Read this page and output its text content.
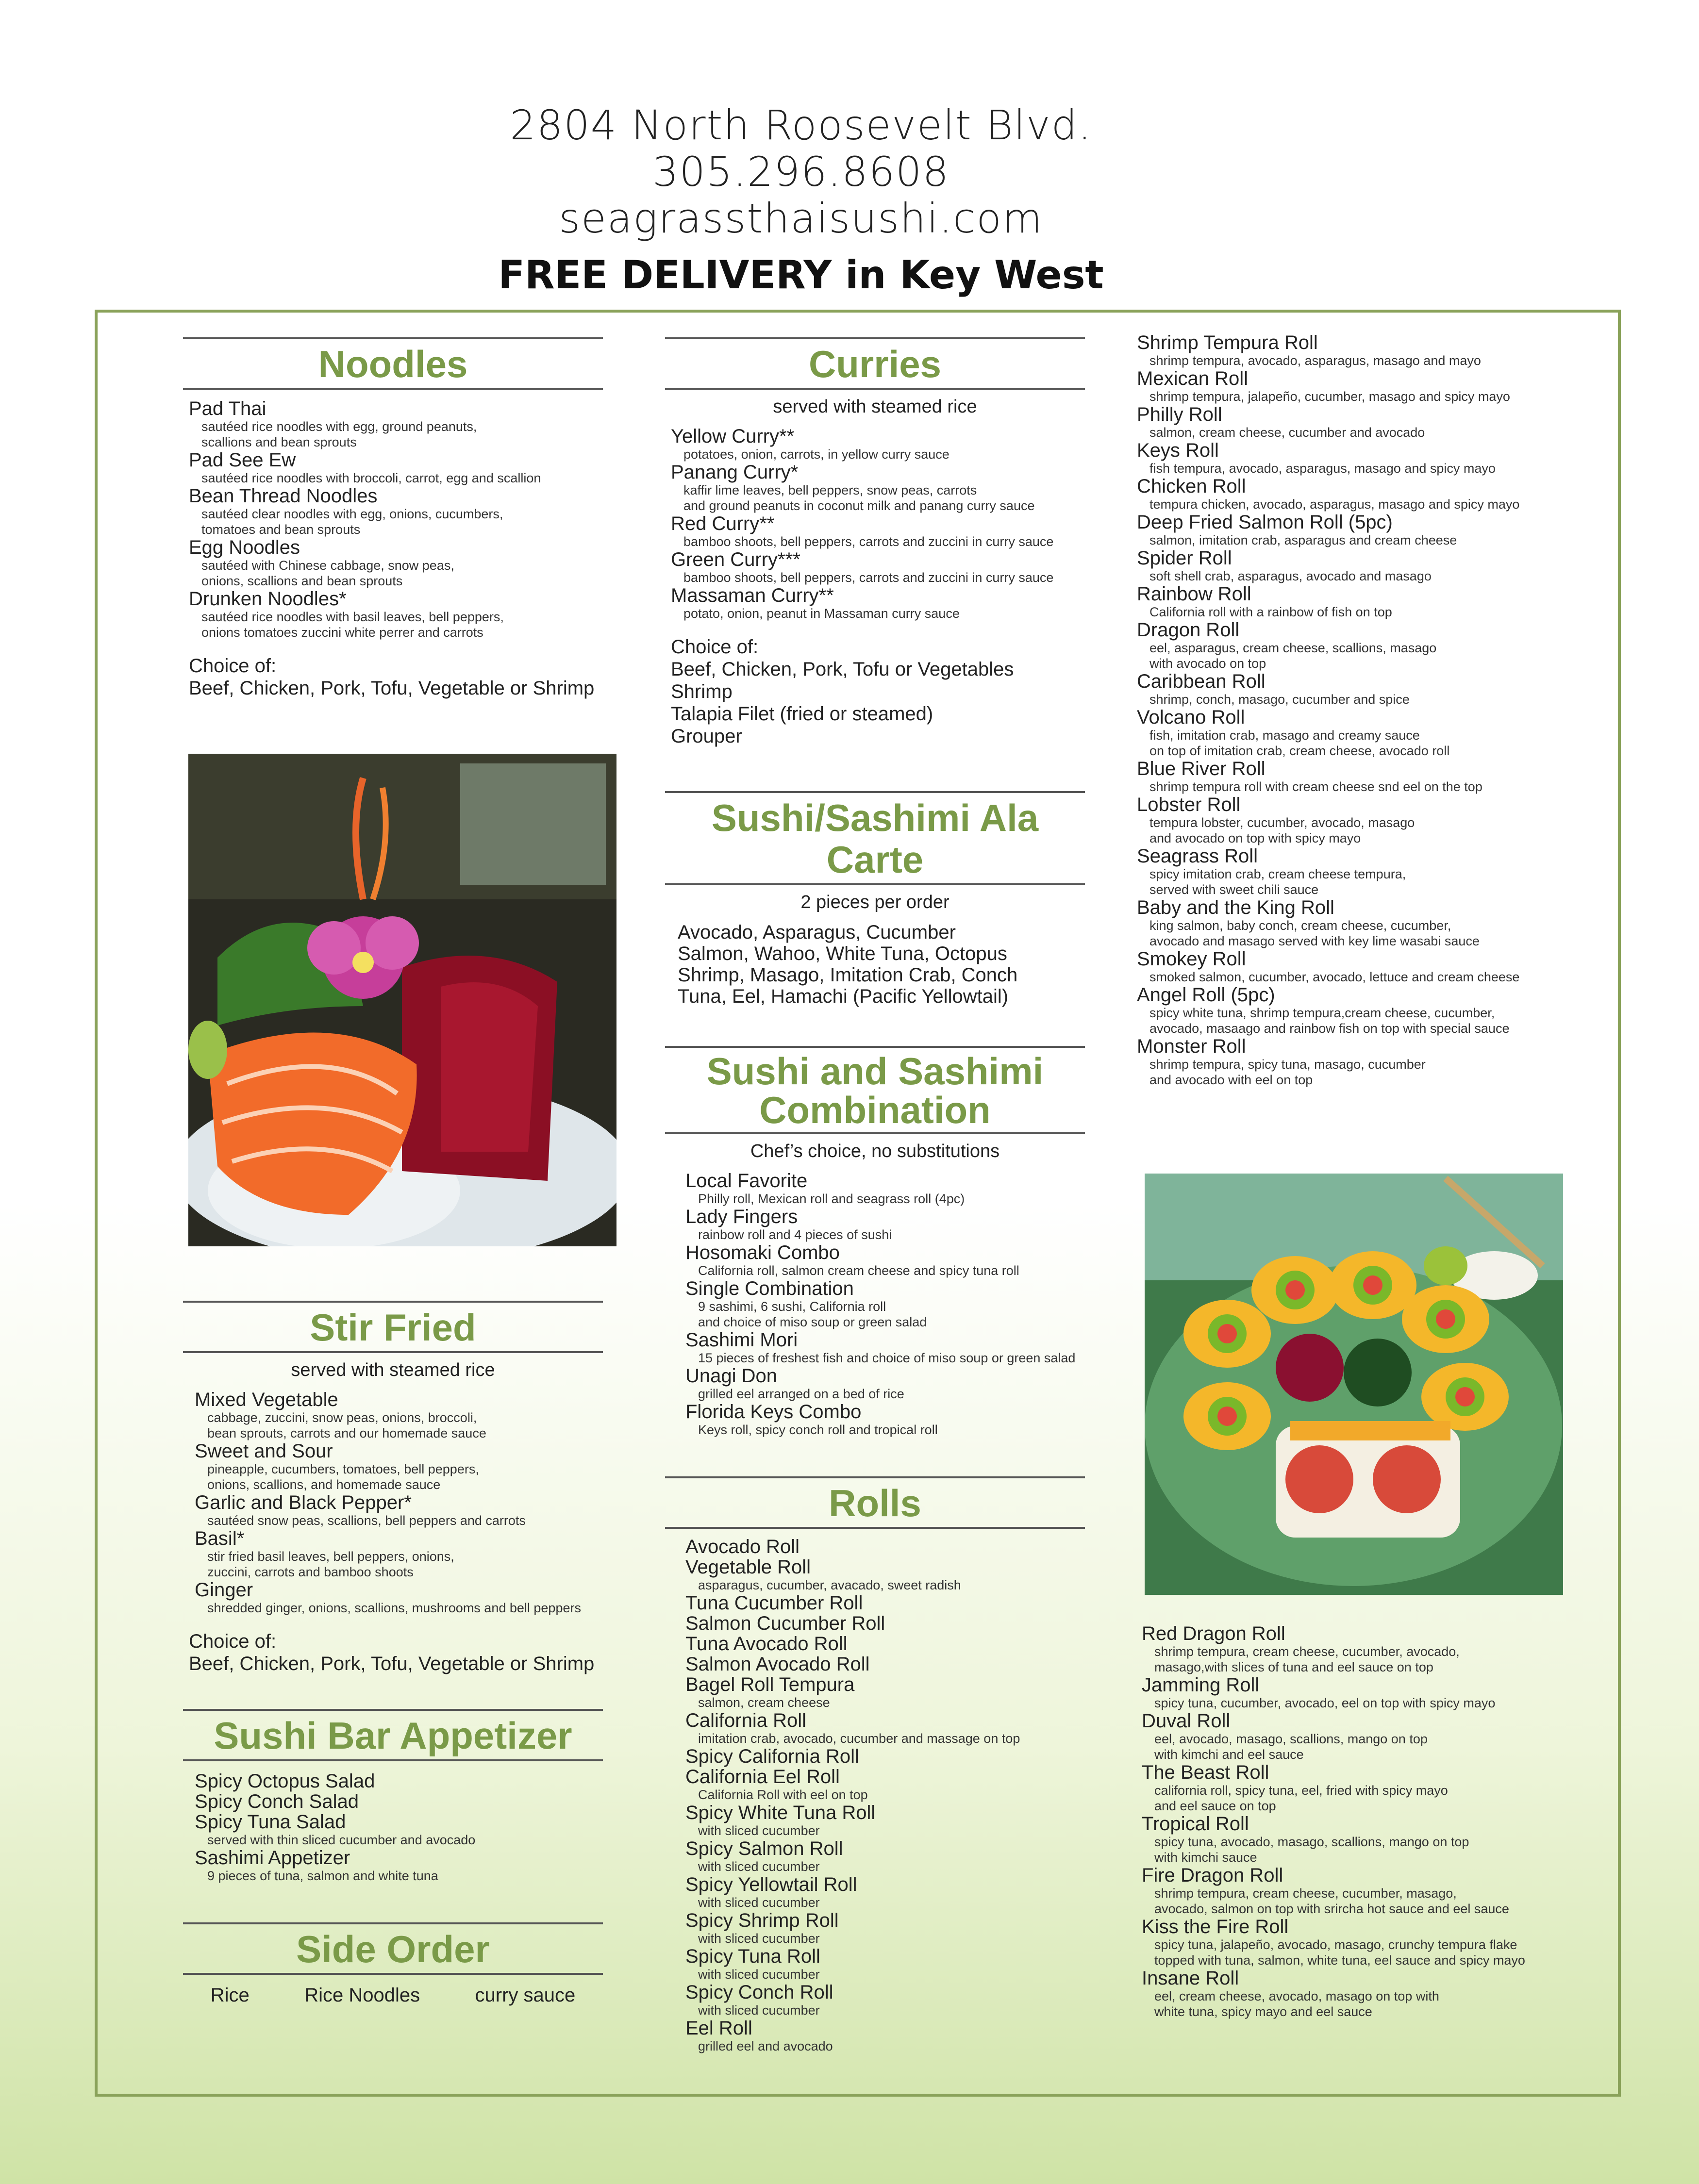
2804 North Roosevelt Blvd.
305.296.8608
seagrassthaisushi.com
FREE DELIVERY in Key West
Noodles
Pad Thai
sautéed rice noodles with egg, ground peanuts,
scallions and bean sprouts
Pad See Ew
sautéed rice noodles with broccoli, carrot, egg and scallion
Bean Thread Noodles
sautéed clear noodles with egg, onions, cucumbers,
tomatoes and bean sprouts
Egg Noodles
sautéed with Chinese cabbage, snow peas,
onions, scallions and bean sprouts
Drunken Noodles*
sautéed rice noodles with basil leaves, bell peppers,
onions tomatoes zuccini white perrer and carrots
Choice of:
Beef, Chicken, Pork, Tofu, Vegetable or Shrimp
Stir Fried
served with steamed rice
Mixed Vegetable
cabbage, zuccini, snow peas, onions, broccoli,
bean sprouts, carrots and our homemade sauce
Sweet and Sour
pineapple, cucumbers, tomatoes, bell peppers,
onions, scallions, and homemade sauce
Garlic and Black Pepper*
sautéed snow peas, scallions, bell peppers and carrots
Basil*
stir fried basil leaves, bell peppers, onions,
zuccini, carrots and bamboo shoots
Ginger
shredded ginger, onions, scallions, mushrooms and bell peppers
Choice of:
Beef, Chicken, Pork, Tofu, Vegetable or Shrimp
Sushi Bar Appetizer
Spicy Octopus Salad
Spicy Conch Salad
Spicy Tuna Salad
served with thin sliced cucumber and avocado
Sashimi Appetizer
9 pieces of tuna, salmon and white tuna
Side Order
Rice	Rice Noodles	curry sauce
Curries
served with steamed rice
Yellow Curry**
potatoes, onion, carrots, in yellow curry sauce
Panang Curry*
kaffir lime leaves, bell peppers, snow peas, carrots
and ground peanuts in coconut milk and panang curry sauce
Red Curry**
bamboo shoots, bell peppers, carrots and zuccini in curry sauce
Green Curry***
bamboo shoots, bell peppers, carrots and zuccini in curry sauce
Massaman Curry**
potato, onion, peanut in Massaman curry sauce
Choice of:
Beef, Chicken, Pork, Tofu or Vegetables
Shrimp
Talapia Filet (fried or steamed)
Grouper
Sushi/Sashimi Ala Carte
2 pieces per order
Avocado, Asparagus, Cucumber
Salmon, Wahoo, White Tuna, Octopus
Shrimp, Masago, Imitation Crab, Conch
Tuna, Eel, Hamachi (Pacific Yellowtail)
Sushi and Sashimi
Combination
Chef’s choice, no substitutions
Local Favorite
Philly roll, Mexican roll and seagrass roll (4pc)
Lady Fingers
rainbow roll and 4 pieces of sushi
Hosomaki Combo
California roll, salmon cream cheese and spicy tuna roll
Single Combination
9 sashimi, 6 sushi, California roll
and choice of miso soup or green salad
Sashimi Mori
15 pieces of freshest fish and choice of miso soup or green salad
Unagi Don
grilled eel arranged on a bed of rice
Florida Keys Combo
Keys roll, spicy conch roll and tropical roll
Rolls
Avocado Roll
Vegetable Roll
asparagus, cucumber, avacado, sweet radish
Tuna Cucumber Roll
Salmon Cucumber Roll
Tuna Avocado Roll
Salmon Avocado Roll
Bagel Roll Tempura
salmon, cream cheese
California Roll
imitation crab, avocado, cucumber and massage on top
Spicy California Roll
California Eel Roll
California Roll with eel on top
Spicy White Tuna Roll
with sliced cucumber
Spicy Salmon Roll
with sliced cucumber
Spicy Yellowtail Roll
with sliced cucumber
Spicy Shrimp Roll
with sliced cucumber
Spicy Tuna Roll
with sliced cucumber
Spicy Conch Roll
with sliced cucumber
Eel Roll
grilled eel and avocado
Shrimp Tempura Roll
shrimp tempura, avocado, asparagus, masago and mayo
Mexican Roll
shrimp tempura, jalapeño, cucumber, masago and spicy mayo
Philly Roll
salmon, cream cheese, cucumber and avocado
Keys Roll
fish tempura, avocado, asparagus, masago and spicy mayo
Chicken Roll
tempura chicken, avocado, asparagus, masago and spicy mayo
Deep Fried Salmon Roll (5pc)
salmon, imitation crab, asparagus and cream cheese
Spider Roll
soft shell crab, asparagus, avocado and masago
Rainbow Roll
California roll with a rainbow of fish on top
Dragon Roll
eel, asparagus, cream cheese, scallions, masago
with avocado on top
Caribbean Roll
shrimp, conch, masago, cucumber and spice
Volcano Roll
fish, imitation crab, masago and creamy sauce
on top of imitation crab, cream cheese, avocado roll
Blue River Roll
shrimp tempura roll with cream cheese snd eel on the top
Lobster Roll
tempura lobster, cucumber, avocado, masago
and avocado on top with spicy mayo
Seagrass Roll
spicy imitation crab, cream cheese tempura,
served with sweet chili sauce
Baby and the King Roll
king salmon, baby conch, cream cheese, cucumber,
avocado and masago served with key lime wasabi sauce
Smokey Roll
smoked salmon, cucumber, avocado, lettuce and cream cheese
Angel Roll (5pc)
spicy white tuna, shrimp tempura,cream cheese, cucumber,
avocado, masaago and rainbow fish on top with special sauce
Monster Roll
shrimp tempura, spicy tuna, masago, cucumber
and avocado with eel on top
Red Dragon Roll
shrimp tempura, cream cheese, cucumber, avocado,
masago,with slices of tuna and eel sauce on top
Jamming Roll
spicy tuna, cucumber, avocado, eel on top with spicy mayo
Duval Roll
eel, avocado, masago, scallions, mango on top
with kimchi and eel sauce
The Beast Roll
california roll, spicy tuna, eel, fried with spicy mayo
and eel sauce on top
Tropical Roll
spicy tuna, avocado, masago, scallions, mango on top
with kimchi sauce
Fire Dragon Roll
shrimp tempura, cream cheese, cucumber, masago,
avocado, salmon on top with srircha hot sauce and eel sauce
Kiss the Fire Roll
spicy tuna, jalapeño, avocado, masago, crunchy tempura flake
topped with tuna, salmon, white tuna, eel sauce and spicy mayo
Insane Roll
eel, cream cheese, avocado, masago on top with
white tuna, spicy mayo and eel sauce
